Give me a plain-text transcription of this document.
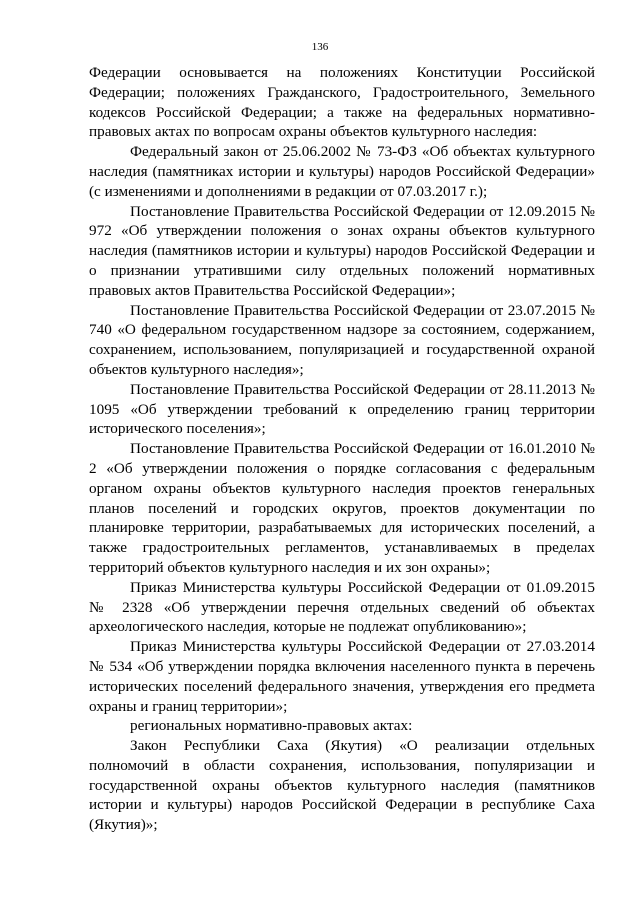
136

Федерации основывается на положениях Конституции Российской Федерации; положениях Гражданского, Градостроительного, Земельного кодексов Российской Федерации; а также на федеральных нормативно-правовых актах по вопросам охраны объектов культурного наследия:

Федеральный закон от 25.06.2002 № 73-ФЗ «Об объектах культурного наследия (памятниках истории и культуры) народов Российской Федерации» (с изменениями и дополнениями в редакции от 07.03.2017 г.);

Постановление Правительства Российской Федерации от 12.09.2015 № 972 «Об утверждении положения о зонах охраны объектов культурного наследия (памятников истории и культуры) народов Российской Федерации и о признании утратившими силу отдельных положений нормативных правовых актов Правительства Российской Федерации»;

Постановление Правительства Российской Федерации от 23.07.2015 № 740 «О федеральном государственном надзоре за состоянием, содержанием, сохранением, использованием, популяризацией и государственной охраной объектов культурного наследия»;

Постановление Правительства Российской Федерации от 28.11.2013 № 1095 «Об утверждении требований к определению границ территории исторического поселения»;

Постановление Правительства Российской Федерации от 16.01.2010 № 2 «Об утверждении положения о порядке согласования с федеральным органом охраны объектов культурного наследия проектов генеральных планов поселений и городских округов, проектов документации по планировке территории, разрабатываемых для исторических поселений, а также градостроительных регламентов, устанавливаемых в пределах территорий объектов культурного наследия и их зон охраны»;

Приказ Министерства культуры Российской Федерации от 01.09.2015 № 2328 «Об утверждении перечня отдельных сведений об объектах археологического наследия, которые не подлежат опубликованию»;

Приказ Министерства культуры Российской Федерации от 27.03.2014 № 534 «Об утверждении порядка включения населенного пункта в перечень исторических поселений федерального значения, утверждения его предмета охраны и границ территории»;

региональных нормативно-правовых актах:

Закон Республики Саха (Якутия) «О реализации отдельных полномочий в области сохранения, использования, популяризации и государственной охраны объектов культурного наследия (памятников истории и культуры) народов Российской Федерации в республике Саха (Якутия)»;
